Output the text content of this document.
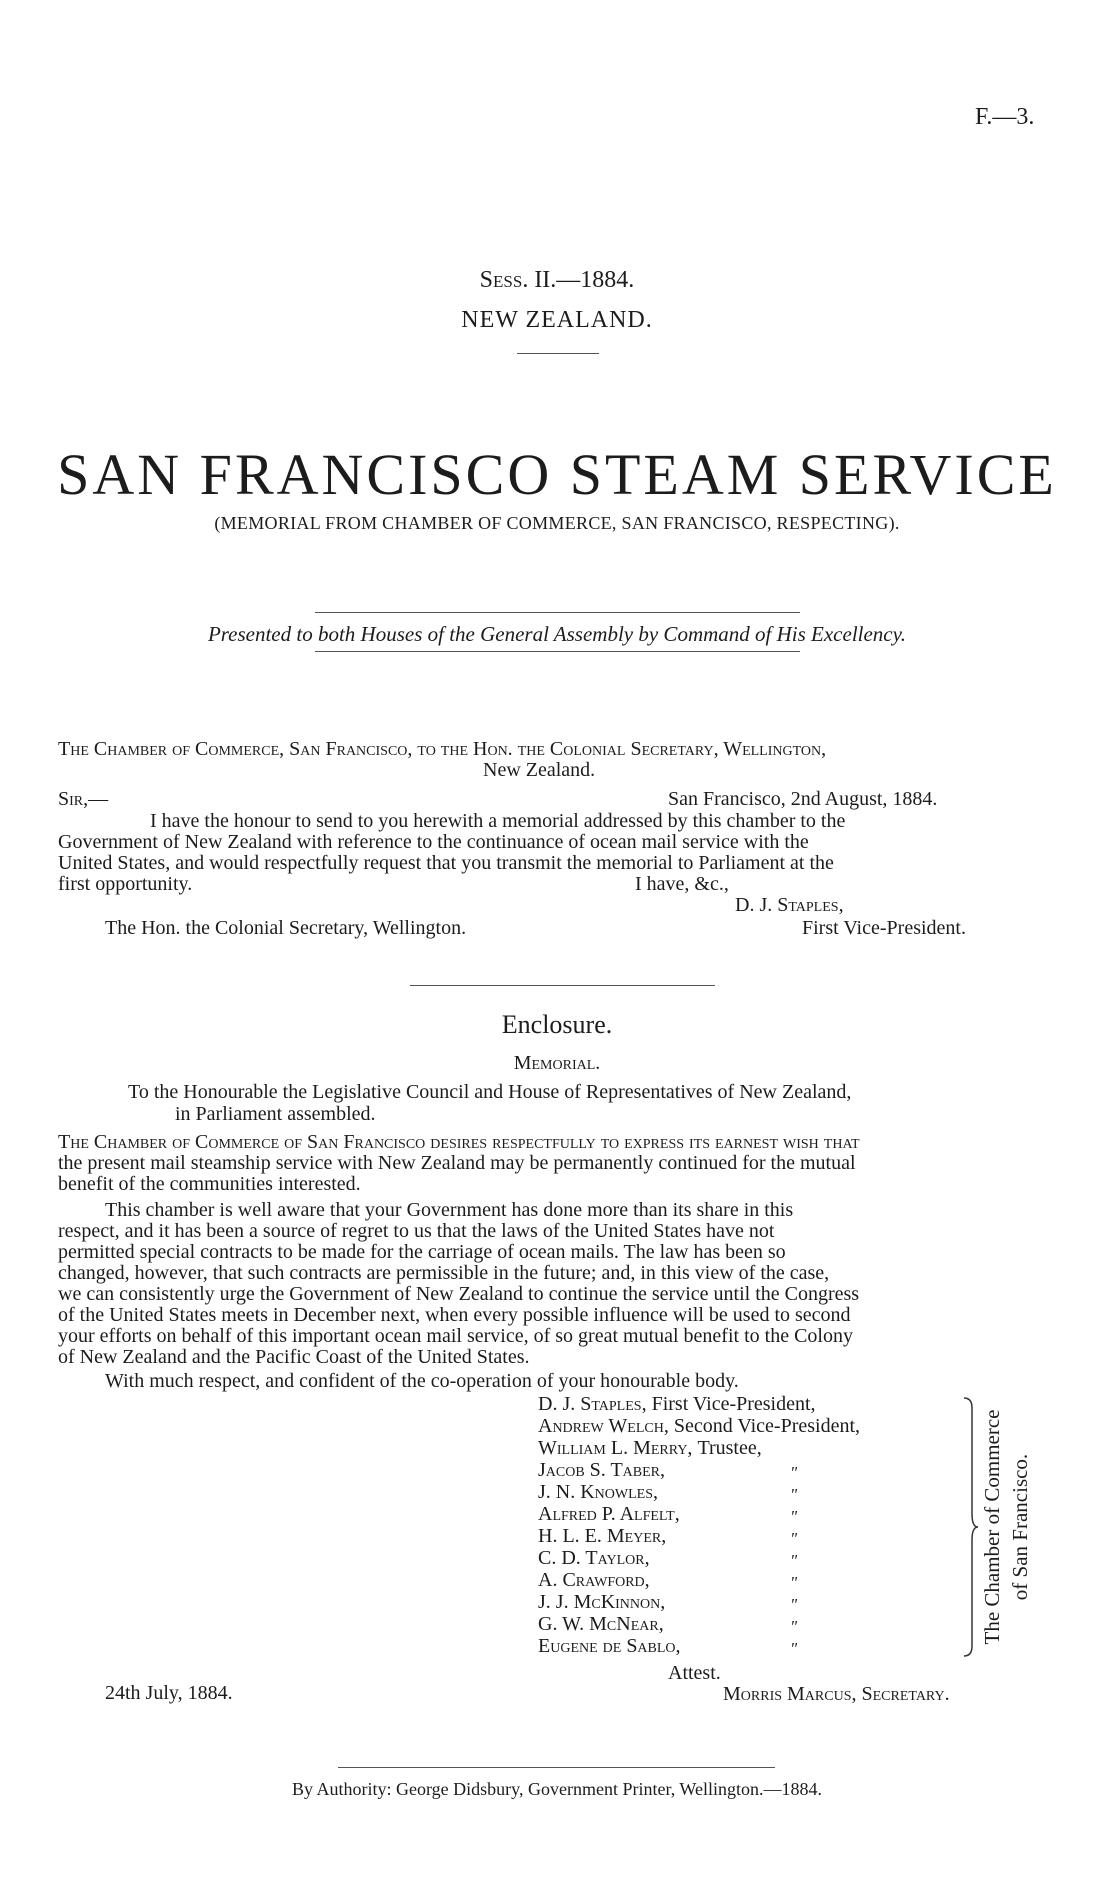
F.—3.
Sess. II.—1884.
NEW ZEALAND.
SAN FRANCISCO STEAM SERVICE
(MEMORIAL FROM CHAMBER OF COMMERCE, SAN FRANCISCO, RESPECTING).
Presented to both Houses of the General Assembly by Command of His Excellency.
The Chamber of Commerce, San Francisco, to the Hon. the Colonial Secretary, Wellington,
New Zealand.
Sir,—	San Francisco, 2nd August, 1884.
I have the honour to send to you herewith a memorial addressed by this chamber to the
Government of New Zealand with reference to the continuance of ocean mail service with the
United States, and would respectfully request that you transmit the memorial to Parliament at the
first opportunity.	I have, &c.,
D. J. Staples,
The Hon. the Colonial Secretary, Wellington.	First Vice-President.
Enclosure.
Memorial.
To the Honourable the Legislative Council and House of Representatives of New Zealand,
in Parliament assembled.
The Chamber of Commerce of San Francisco desires respectfully to express its earnest wish that
the present mail steamship service with New Zealand may be permanently continued for the mutual
benefit of the communities interested.
This chamber is well aware that your Government has done more than its share in this
respect, and it has been a source of regret to us that the laws of the United States have not
permitted special contracts to be made for the carriage of ocean mails. The law has been so
changed, however, that such contracts are permissible in the future; and, in this view of the case,
we can consistently urge the Government of New Zealand to continue the service until the Congress
of the United States meets in December next, when every possible influence will be used to second
your efforts on behalf of this important ocean mail service, of so great mutual benefit to the Colony
of New Zealand and the Pacific Coast of the United States.
With much respect, and confident of the co-operation of your honourable body.
D. J. Staples, First Vice-President,
Andrew Welch, Second Vice-President,
William L. Merry, Trustee,
Jacob S. Taber,	"
J. N. Knowles,	"
Alfred P. Alfelt,	"
H. L. E. Meyer,	"
C. D. Taylor,	"
A. Crawford,	"
J. J. McKinnon,	"
G. W. McNear,	"
Eugene de Sablo,	"
The Chamber of Commerce of San Francisco.
24th July, 1884.
Attest.
Morris Marcus, Secretary.
By Authority: George Didsbury, Government Printer, Wellington.—1884.
